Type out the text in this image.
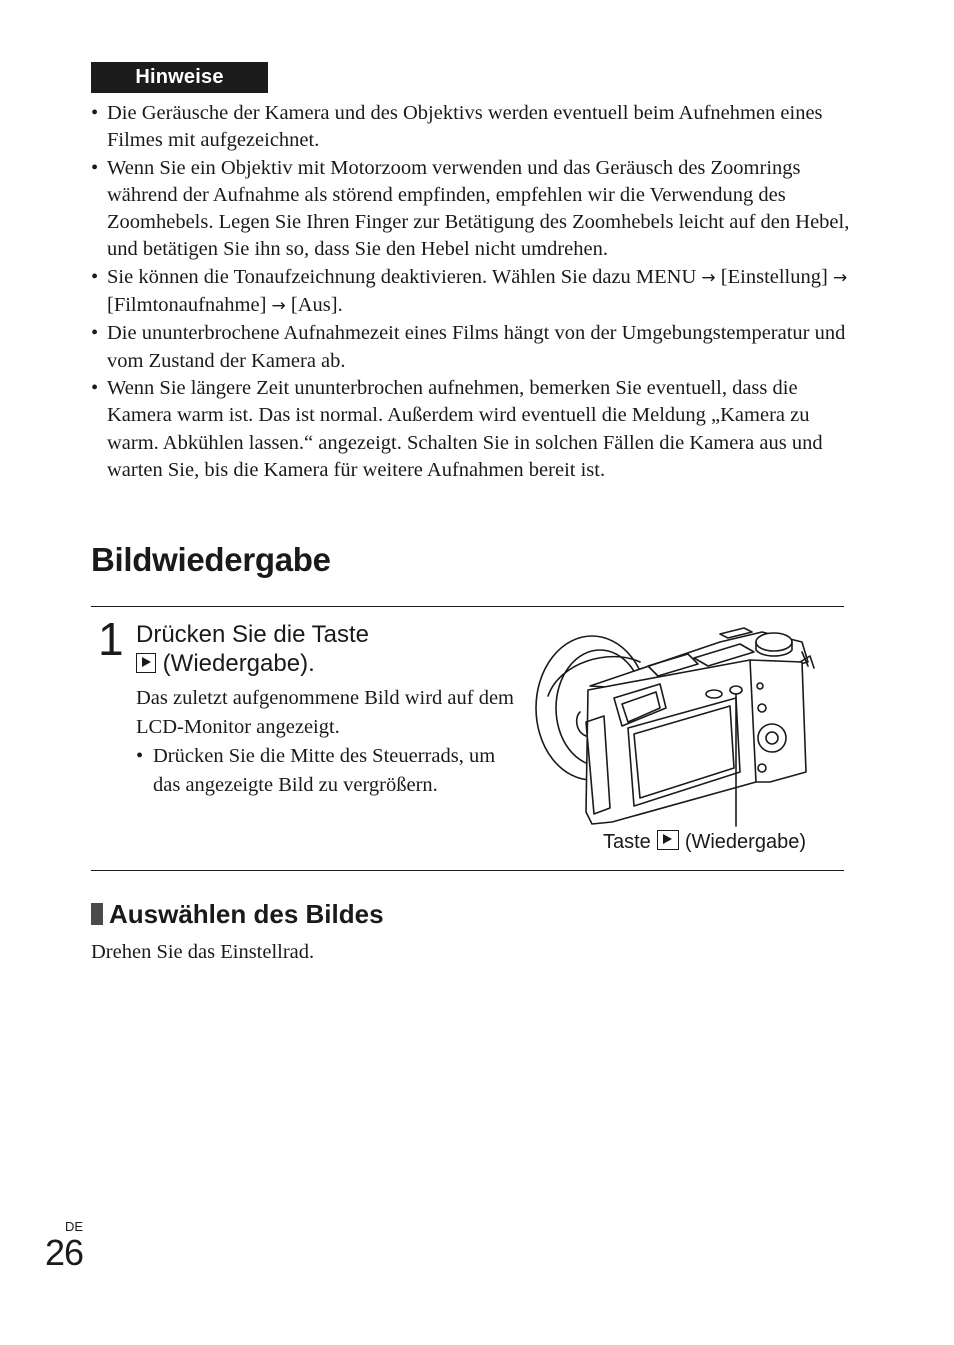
Hinweise
• Die Geräusche der Kamera und des Objektivs werden eventuell beim Aufnehmen eines Filmes mit aufgezeichnet.
• Wenn Sie ein Objektiv mit Motorzoom verwenden und das Geräusch des Zoomrings während der Aufnahme als störend empfinden, empfehlen wir die Verwendung des Zoomhebels. Legen Sie Ihren Finger zur Betätigung des Zoomhebels leicht auf den Hebel, und betätigen Sie ihn so, dass Sie den Hebel nicht umdrehen.
• Sie können die Tonaufzeichnung deaktivieren. Wählen Sie dazu MENU → [Einstellung] → [Filmtonaufnahme] → [Aus].
• Die ununterbrochene Aufnahmezeit eines Films hängt von der Umgebungstemperatur und vom Zustand der Kamera ab.
• Wenn Sie längere Zeit ununterbrochen aufnehmen, bemerken Sie eventuell, dass die Kamera warm ist. Das ist normal. Außerdem wird eventuell die Meldung „Kamera zu warm. Abkühlen lassen.“ angezeigt. Schalten Sie in solchen Fällen die Kamera aus und warten Sie, bis die Kamera für weitere Aufnahmen bereit ist.
Bildwiedergabe
1 Drücken Sie die Taste
(Wiedergabe).
Das zuletzt aufgenommene Bild wird auf dem LCD-Monitor angezeigt.
• Drücken Sie die Mitte des Steuerrads, um das angezeigte Bild zu vergrößern.
Taste (Wiedergabe)
Auswählen des Bildes
Drehen Sie das Einstellrad.
DE
26
